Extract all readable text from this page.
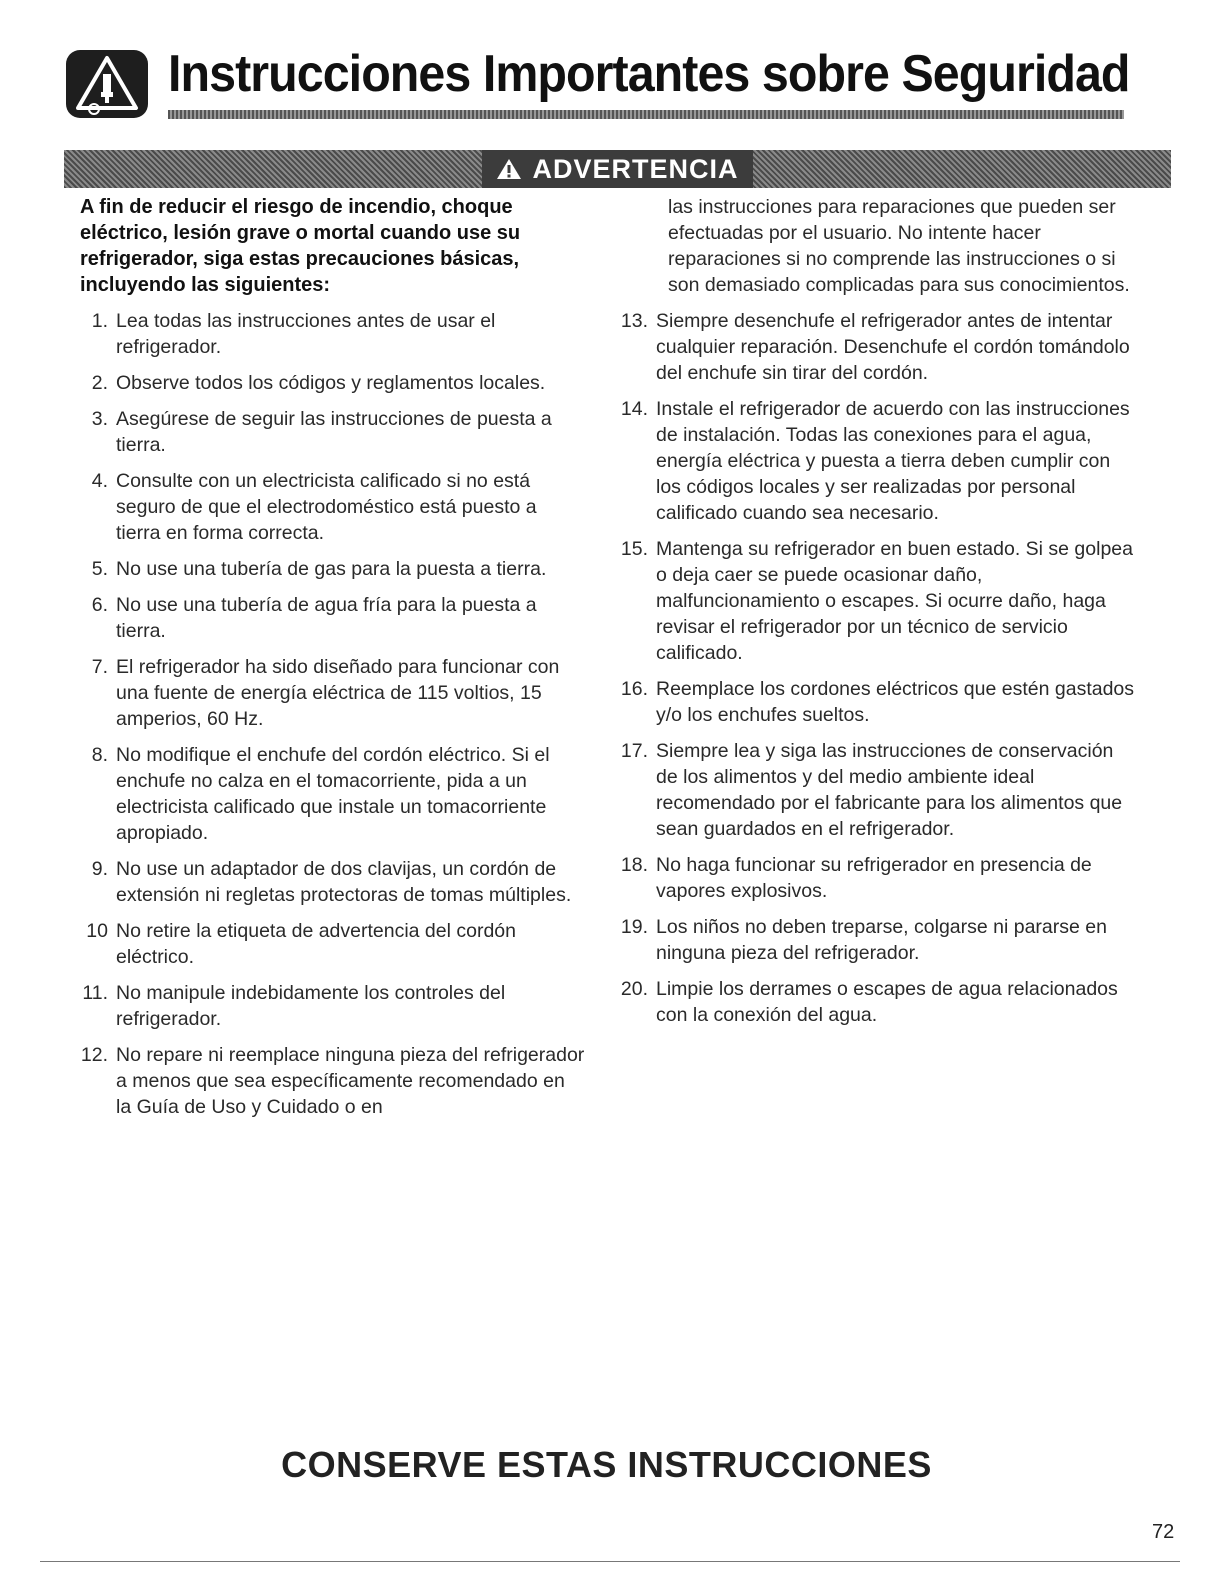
Instrucciones Importantes sobre Seguridad
ADVERTENCIA

A fin de reducir el riesgo de incendio, choque eléctrico, lesión grave o mortal cuando use su refrigerador, siga estas precauciones básicas, incluyendo las siguientes:

1. Lea todas las instrucciones antes de usar el refrigerador.
2. Observe todos los códigos y reglamentos locales.
3. Asegúrese de seguir las instrucciones de puesta a tierra.
4. Consulte con un electricista calificado si no está seguro de que el electrodoméstico está puesto a tierra en forma correcta.
5. No use una tubería de gas para la puesta a tierra.
6. No use una tubería de agua fría para la puesta a tierra.
7. El refrigerador ha sido diseñado para funcionar con una fuente de energía eléctrica de 115 voltios, 15 amperios, 60 Hz.
8. No modifique el enchufe del cordón eléctrico. Si el enchufe no calza en el tomacorriente, pida a un electricista calificado que instale un tomacorriente apropiado.
9. No use un adaptador de dos clavijas, un cordón de extensión ni regletas protectoras de tomas múltiples.
10 No retire la etiqueta de advertencia del cordón eléctrico.
11. No manipule indebidamente los controles del refrigerador.
12. No repare ni reemplace ninguna pieza del refrigerador a menos que sea específicamente recomendado en la Guía de Uso y Cuidado o en
las instrucciones para reparaciones que pueden ser efectuadas por el usuario. No intente hacer reparaciones si no comprende las instrucciones o si son demasiado complicadas para sus conocimientos.
13. Siempre desenchufe el refrigerador antes de intentar cualquier reparación. Desenchufe el cordón tomándolo del enchufe sin tirar del cordón.
14. Instale el refrigerador de acuerdo con las instrucciones de instalación. Todas las conexiones para el agua, energía eléctrica y puesta a tierra deben cumplir con los códigos locales y ser realizadas por personal calificado cuando sea necesario.
15. Mantenga su refrigerador en buen estado. Si se golpea o deja caer se puede ocasionar daño, malfuncionamiento o escapes. Si ocurre daño, haga revisar el refrigerador por un técnico de servicio calificado.
16. Reemplace los cordones eléctricos que estén gastados y/o los enchufes sueltos.
17. Siempre lea y siga las instrucciones de conservación de los alimentos y del medio ambiente ideal recomendado por el fabricante para los alimentos que sean guardados en el refrigerador.
18. No haga funcionar su refrigerador en presencia de vapores explosivos.
19. Los niños no deben treparse, colgarse ni pararse en ninguna pieza del refrigerador.
20. Limpie los derrames o escapes de agua relacionados con la conexión del agua.
CONSERVE ESTAS INSTRUCCIONES
72
